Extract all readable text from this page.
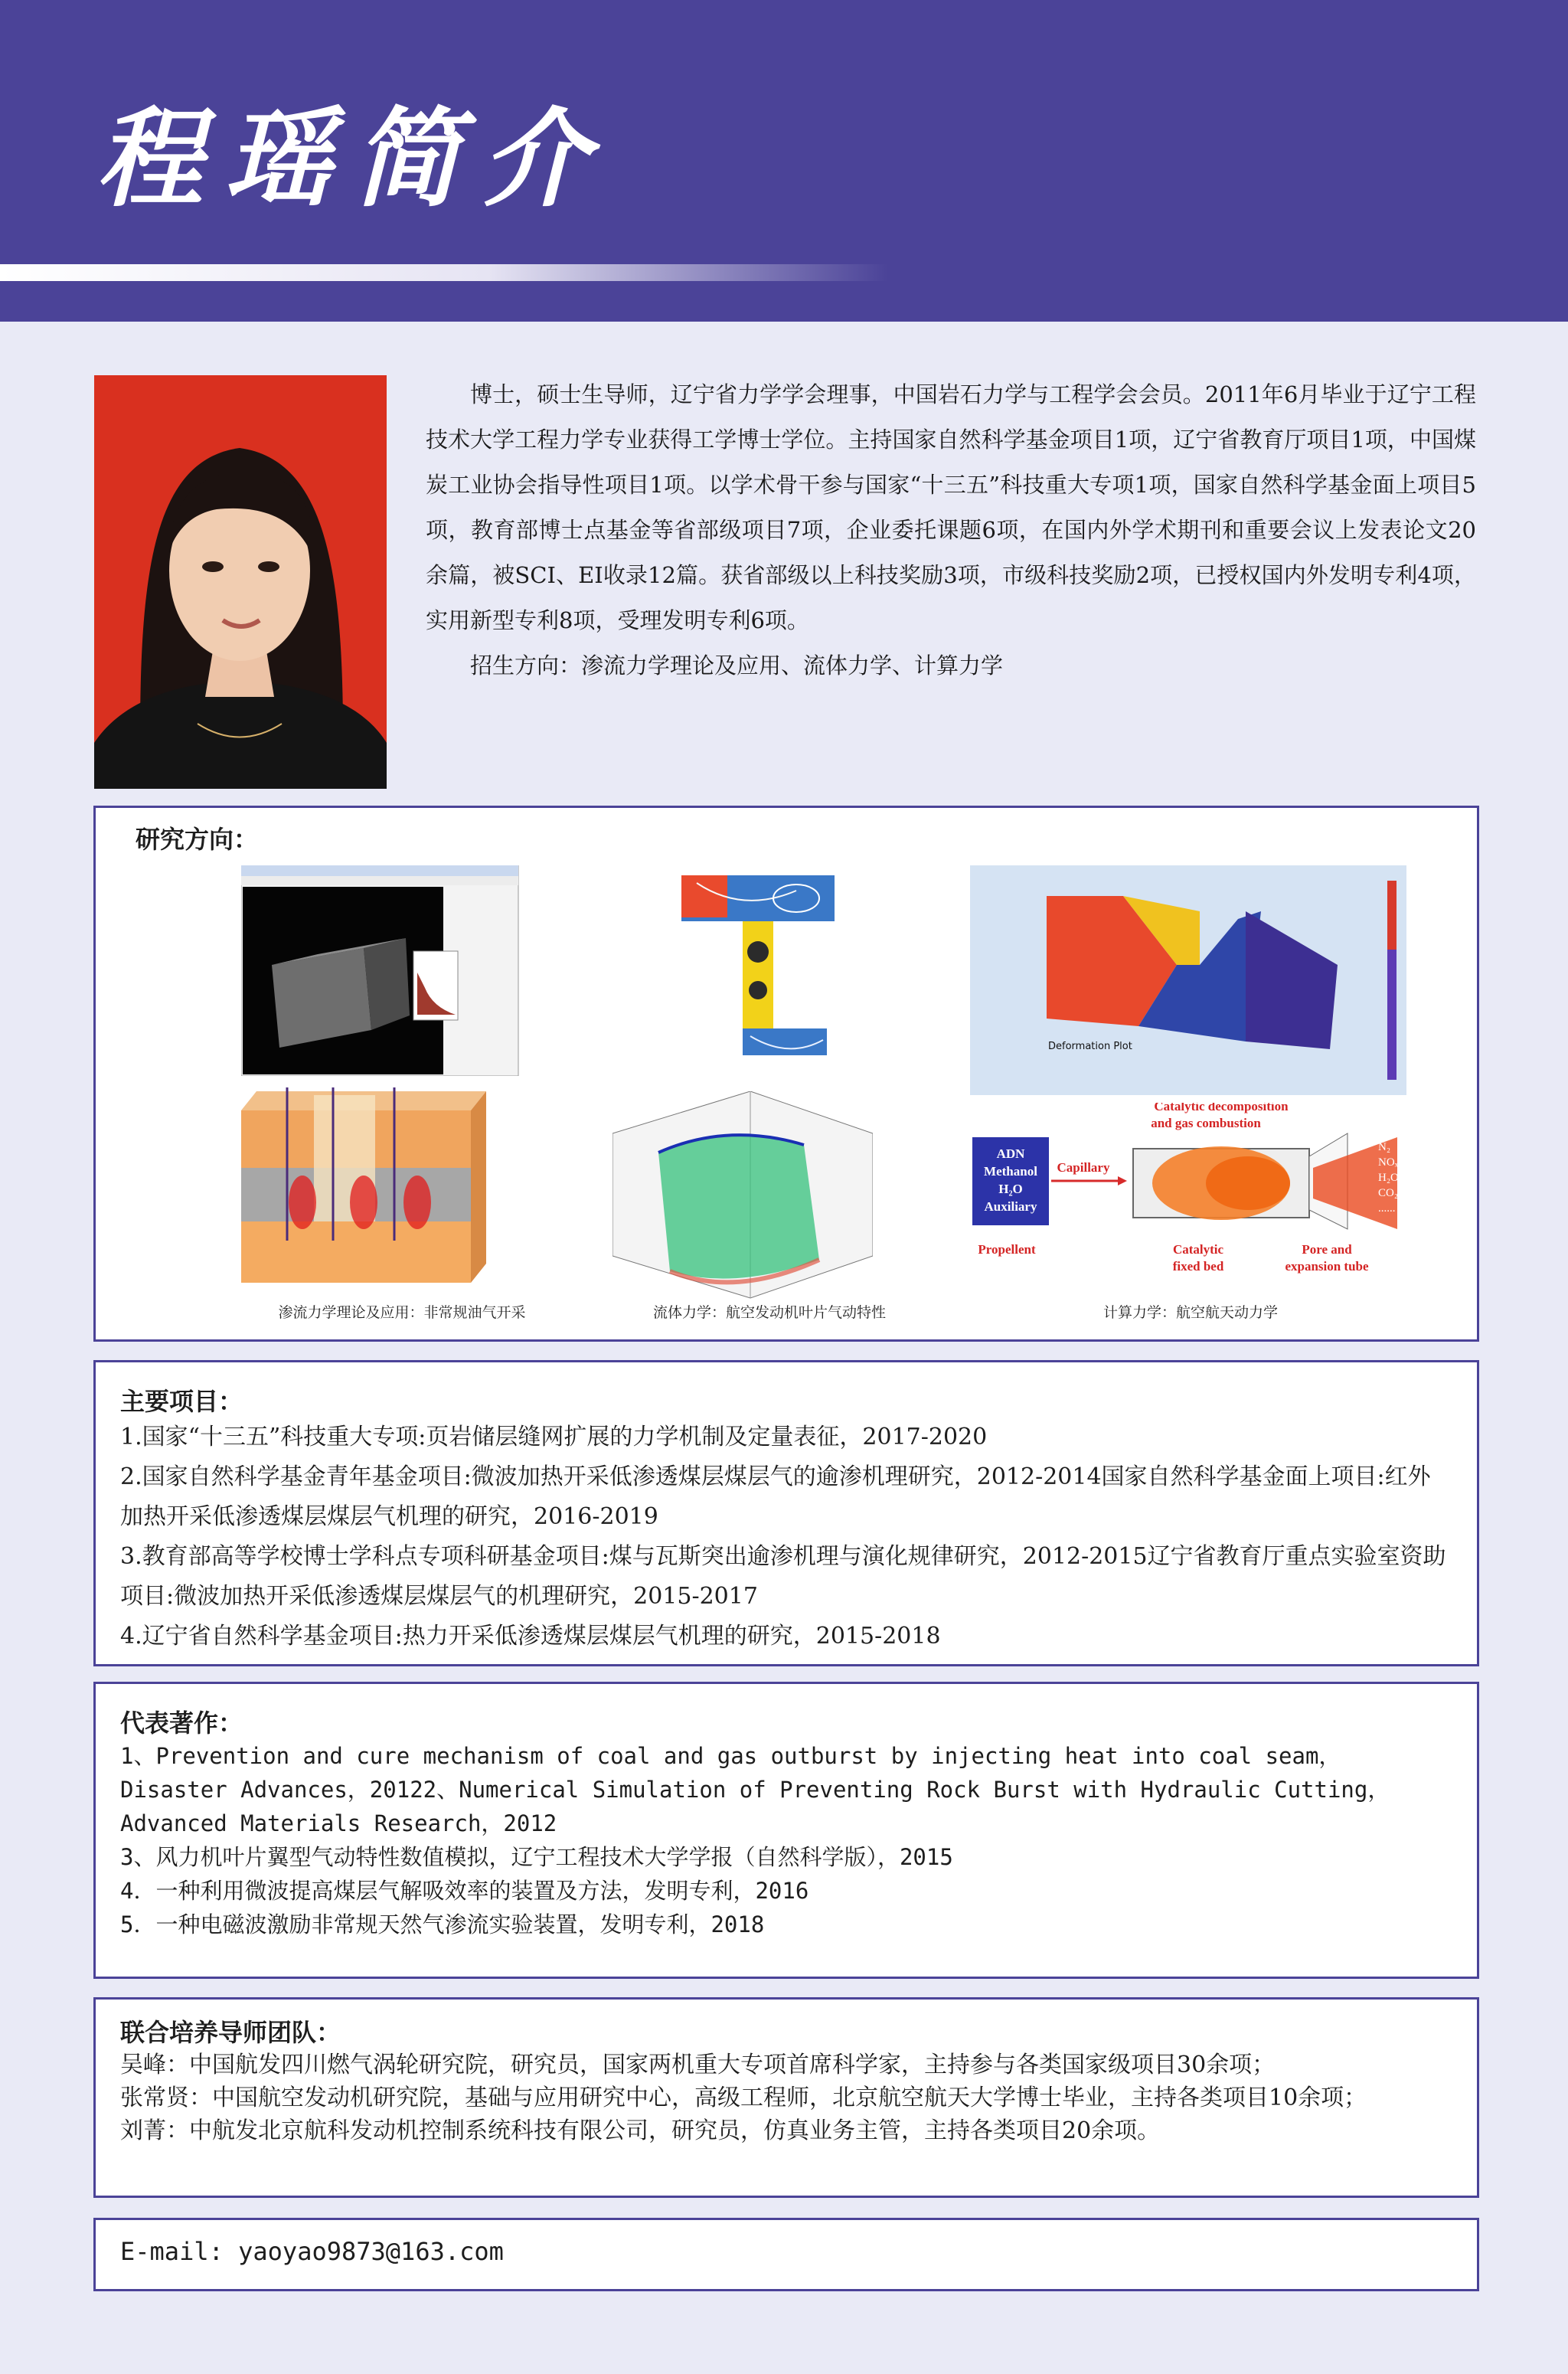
程瑶简介

博士，硕士生导师，辽宁省力学学会理事，中国岩石力学与工程学会会员。2011年6月毕业于辽宁工程技术大学工程力学专业获得工学博士学位。主持国家自然科学基金项目1项，辽宁省教育厅项目1项，中国煤炭工业协会指导性项目1项。以学术骨干参与国家“十三五”科技重大专项1项，国家自然科学基金面上项目5项，教育部博士点基金等省部级项目7项，企业委托课题6项，在国内外学术期刊和重要会议上发表论文20余篇，被SCI、EI收录12篇。获省部级以上科技奖励3项，市级科技奖励2项，已授权国内外发明专利4项，实用新型专利8项，受理发明专利6项。

招生方向：渗流力学理论及应用、流体力学、计算力学

研究方向：
Deformation Plot
ADN
Methanol
H₂O
Auxiliary
Catalytic decomposition
and gas combustion
Capillary
Propellent	Catalytic
fixed bed
Pore and
expansion tube
N₂
NOₓ
H₂O
CO₂
......
渗流力学理论及应用：非常规油气开采	流体力学：航空发动机叶片气动特性	计算力学：航空航天动力学
主要项目：

1.国家“十三五”科技重大专项:页岩储层缝网扩展的力学机制及定量表征，2017-2020

2.国家自然科学基金青年基金项目:微波加热开采低渗透煤层煤层气的逾渗机理研究，2012-2014国家自然科学基金面上项目:红外加热开采低渗透煤层煤层气机理的研究，2016-2019

3.教育部高等学校博士学科点专项科研基金项目:煤与瓦斯突出逾渗机理与演化规律研究，2012-2015辽宁省教育厅重点实验室资助项目:微波加热开采低渗透煤层煤层气的机理研究，2015-2017

4.辽宁省自然科学基金项目:热力开采低渗透煤层煤层气机理的研究，2015-2018

代表著作：

1、Prevention and cure mechanism of coal and gas outburst by injecting heat into coal seam，Disaster Advances，20122、Numerical Simulation of Preventing Rock Burst with Hydraulic Cutting，Advanced Materials Research，2012

3、风力机叶片翼型气动特性数值模拟，辽宁工程技术大学学报（自然科学版），2015

4．一种利用微波提高煤层气解吸效率的装置及方法，发明专利，2016

5．一种电磁波激励非常规天然气渗流实验装置，发明专利，2018

联合培养导师团队：

吴峰：中国航发四川燃气涡轮研究院，研究员，国家两机重大专项首席科学家，主持参与各类国家级项目30余项；

张常贤：中国航空发动机研究院，基础与应用研究中心，高级工程师，北京航空航天大学博士毕业，主持各类项目10余项；

刘菁：中航发北京航科发动机控制系统科技有限公司，研究员，仿真业务主管，主持各类项目20余项。

E-mail: yaoyao9873@163.com
